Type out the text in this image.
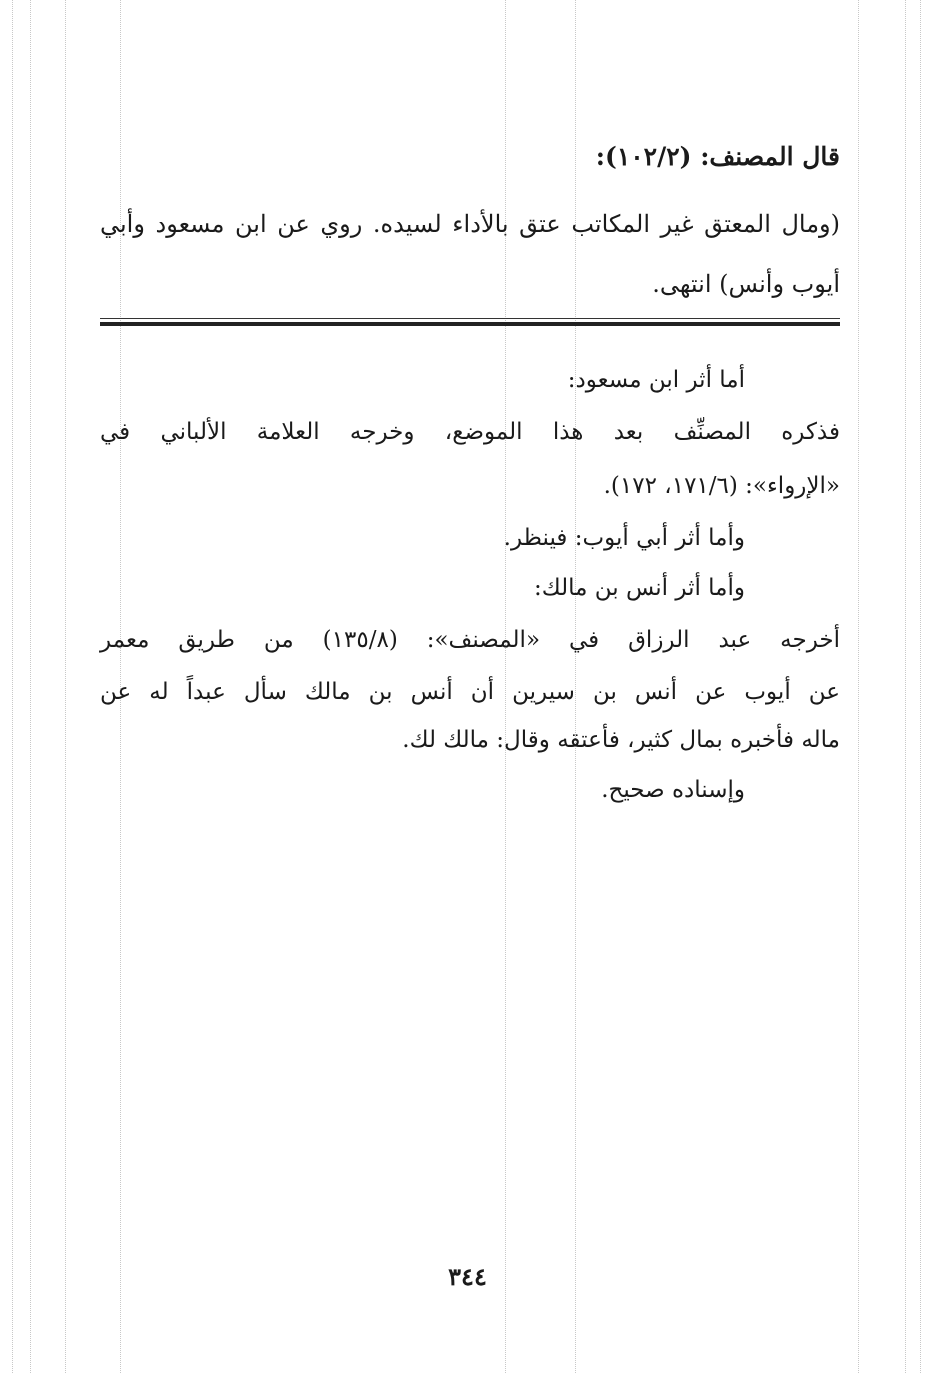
قال المصنف: (١٠٢/٢):
(ومال المعتق غير المكاتب عتق بالأداء لسيده. روي عن ابن مسعود وأبي أيوب وأنس) انتهى.
أما أثر ابن مسعود:
فذكره المصنِّف بعد هذا الموضع، وخرجه العلامة الألباني في
«الإرواء»: (١٧١/٦، ١٧٢).
وأما أثر أبي أيوب: فينظر.
وأما أثر أنس بن مالك:
أخرجه عبد الرزاق في «المصنف»: (١٣٥/٨) من طريق معمر
عن أيوب عن أنس بن سيرين أن أنس بن مالك سأل عبداً له عن
ماله فأخبره بمال كثير، فأعتقه وقال: مالك لك.
وإسناده صحيح.
٣٤٤
